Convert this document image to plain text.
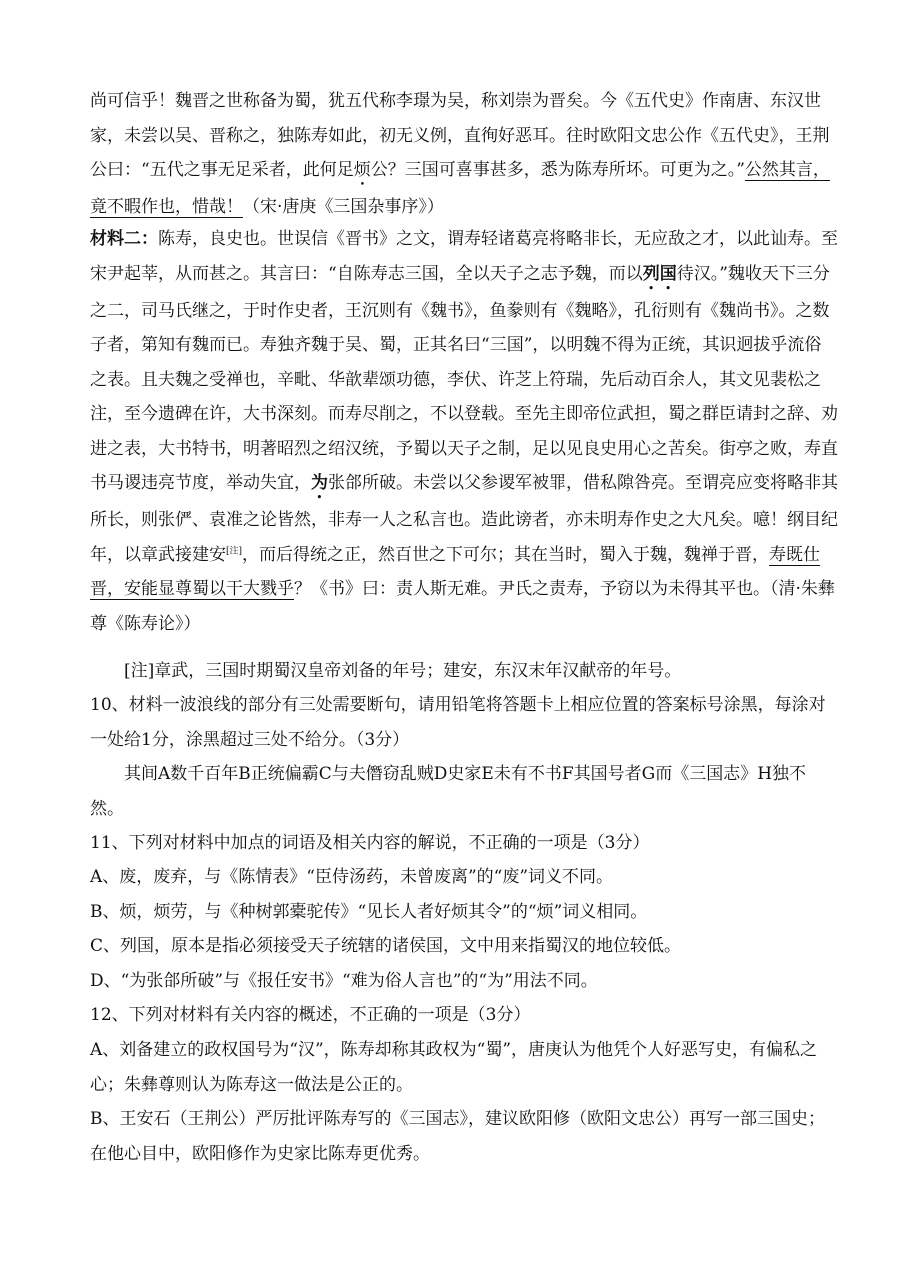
尚可信乎！魏晋之世称备为蜀，犹五代称李璟为吴，称刘崇为晋矣。今《五代史》作南唐、东汉世家，未尝以吴、晋称之，独陈寿如此，初无义例，直徇好恶耳。往时欧阳文忠公作《五代史》，王荆公曰：“五代之事无足采者，此何足烦公？三国可喜事甚多，悉为陈寿所坏。可更为之。”公然其言，竟不暇作也，惜哉！（宋·唐庚《三国杂事序》）

材料二：陈寿，良史也。世误信《晋书》之文，谓寿轻诸葛亮将略非长，无应敌之才，以此讪寿。至宋尹起莘，从而甚之。其言曰：“自陈寿志三国，全以天子之志予魏，而以列国待汉。”魏收天下三分之二，司马氏继之，于时作史者，王沉则有《魏书》，鱼豢则有《魏略》，孔衍则有《魏尚书》。之数子者，第知有魏而已。寿独齐魏于吴、蜀，正其名曰“三国”，以明魏不得为正统，其识迥拔乎流俗之表。且夫魏之受禅也，辛毗、华歆辈颂功德，李伏、许芝上符瑞，先后动百余人，其文见裴松之注，至今遗碑在许，大书深刻。而寿尽削之，不以登载。至先主即帝位武担，蜀之群臣请封之辞、劝进之表，大书特书，明著昭烈之绍汉统，予蜀以天子之制，足以见良史用心之苦矣。街亭之败，寿直书马谡违亮节度，举动失宜，为张郃所破。未尝以父参谡军被罪，借私隙咎亮。至谓亮应变将略非其所长，则张俨、袁准之论皆然，非寿一人之私言也。造此谤者，亦未明寿作史之大凡矣。噫！纲目纪年，以章武接建安[注]，而后得统之正，然百世之下可尔；其在当时，蜀入于魏，魏禅于晋，寿既仕晋，安能显尊蜀以干大戮乎？《书》曰：责人斯无难。尹氏之责寿，予窃以为未得其平也。（清·朱彝尊《陈寿论》）

[注]章武，三国时期蜀汉皇帝刘备的年号；建安，东汉末年汉献帝的年号。

10、材料一波浪线的部分有三处需要断句，请用铅笔将答题卡上相应位置的答案标号涂黑，每涂对一处给1分，涂黑超过三处不给分。（3分）

其间A数千百年B正统偏霸C与夫僭窃乱贼D史家E未有不书F其国号者G而《三国志》H独不然。

11、下列对材料中加点的词语及相关内容的解说，不正确的一项是（3分）

A、废，废弃，与《陈情表》“臣侍汤药，未曾废离”的“废”词义不同。

B、烦，烦劳，与《种树郭橐驼传》“见长人者好烦其令”的“烦”词义相同。

C、列国，原本是指必须接受天子统辖的诸侯国，文中用来指蜀汉的地位较低。

D、“为张郃所破”与《报任安书》“难为俗人言也”的“为”用法不同。

12、下列对材料有关内容的概述，不正确的一项是（3分）

A、刘备建立的政权国号为“汉”，陈寿却称其政权为“蜀”，唐庚认为他凭个人好恶写史，有偏私之心；朱彝尊则认为陈寿这一做法是公正的。

B、王安石（王荆公）严厉批评陈寿写的《三国志》，建议欧阳修（欧阳文忠公）再写一部三国史；在他心目中，欧阳修作为史家比陈寿更优秀。
